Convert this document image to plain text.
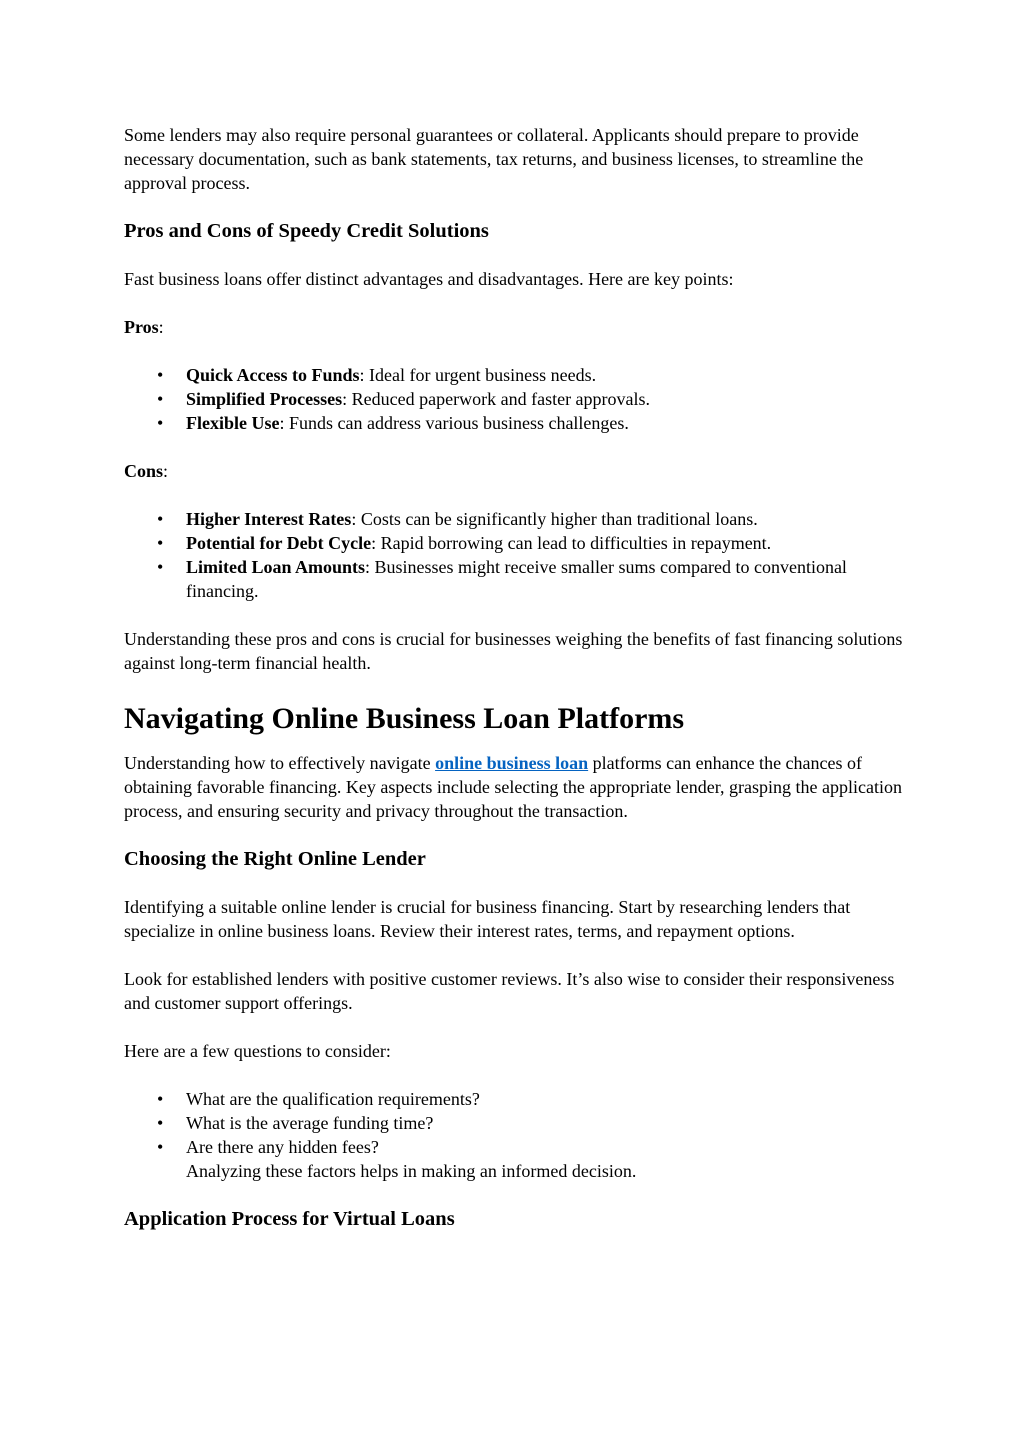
Some lenders may also require personal guarantees or collateral. Applicants should prepare to provide necessary documentation, such as bank statements, tax returns, and business licenses, to streamline the approval process.

Pros and Cons of Speedy Credit Solutions

Fast business loans offer distinct advantages and disadvantages. Here are key points:

Pros:

• Quick Access to Funds: Ideal for urgent business needs.
• Simplified Processes: Reduced paperwork and faster approvals.
• Flexible Use: Funds can address various business challenges.

Cons:

• Higher Interest Rates: Costs can be significantly higher than traditional loans.
• Potential for Debt Cycle: Rapid borrowing can lead to difficulties in repayment.
• Limited Loan Amounts: Businesses might receive smaller sums compared to conventional financing.

Understanding these pros and cons is crucial for businesses weighing the benefits of fast financing solutions against long-term financial health.

Navigating Online Business Loan Platforms

Understanding how to effectively navigate online business loan platforms can enhance the chances of obtaining favorable financing. Key aspects include selecting the appropriate lender, grasping the application process, and ensuring security and privacy throughout the transaction.

Choosing the Right Online Lender

Identifying a suitable online lender is crucial for business financing. Start by researching lenders that specialize in online business loans. Review their interest rates, terms, and repayment options.

Look for established lenders with positive customer reviews. It’s also wise to consider their responsiveness and customer support offerings.

Here are a few questions to consider:

• What are the qualification requirements?
• What is the average funding time?
• Are there any hidden fees?
Analyzing these factors helps in making an informed decision.
Application Process for Virtual Loans
